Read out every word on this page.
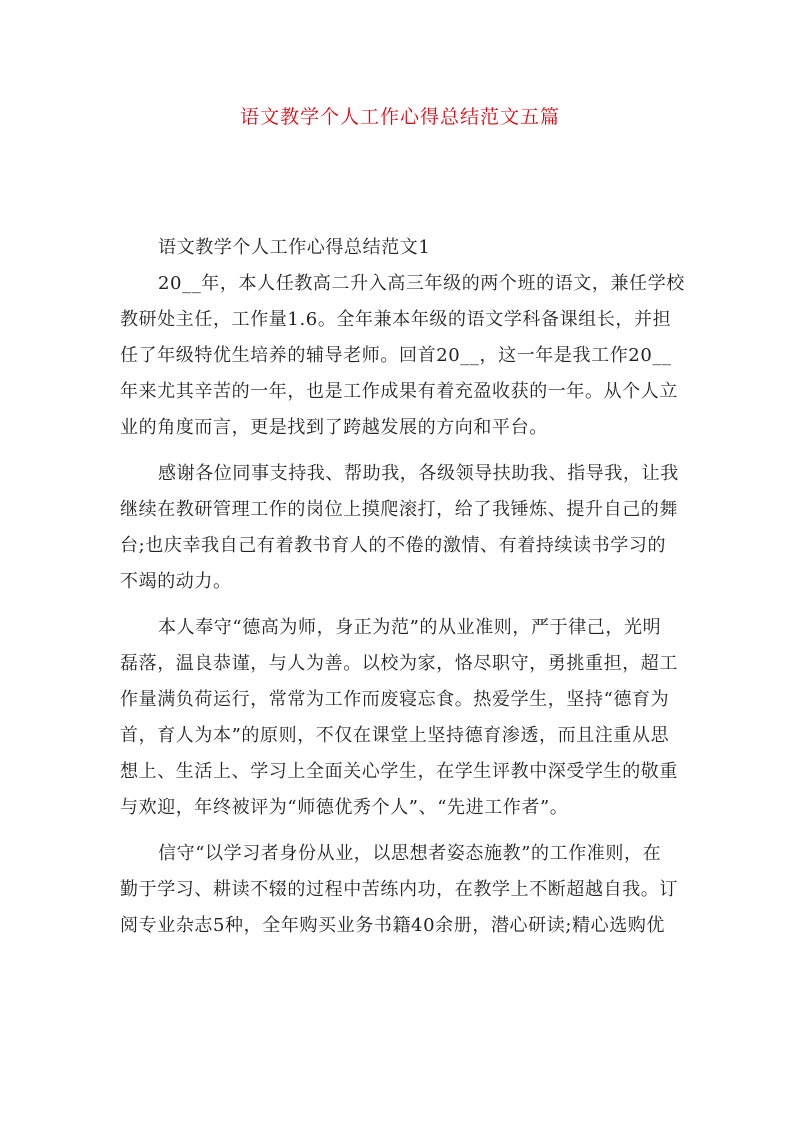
语文教学个人工作心得总结范文五篇
语文教学个人工作心得总结范文1
20__年，本人任教高二升入高三年级的两个班的语文，兼任学校
教研处主任，工作量1.6。全年兼本年级的语文学科备课组长，并担
任了年级特优生培养的辅导老师。回首20__，这一年是我工作20__
年来尤其辛苦的一年，也是工作成果有着充盈收获的一年。从个人立
业的角度而言，更是找到了跨越发展的方向和平台。
感谢各位同事支持我、帮助我，各级领导扶助我、指导我，让我
继续在教研管理工作的岗位上摸爬滚打，给了我锤炼、提升自己的舞
台;也庆幸我自己有着教书育人的不倦的激情、有着持续读书学习的
不竭的动力。
本人奉守“德高为师，身正为范”的从业准则，严于律己，光明
磊落，温良恭谨，与人为善。以校为家，恪尽职守，勇挑重担，超工
作量满负荷运行，常常为工作而废寝忘食。热爱学生，坚持“德育为
首，育人为本”的原则，不仅在课堂上坚持德育渗透，而且注重从思
想上、生活上、学习上全面关心学生，在学生评教中深受学生的敬重
与欢迎，年终被评为“师德优秀个人”、“先进工作者”。
信守“以学习者身份从业，以思想者姿态施教”的工作准则，在
勤于学习、耕读不辍的过程中苦练内功，在教学上不断超越自我。订
阅专业杂志5种，全年购买业务书籍40余册，潜心研读;精心选购优
